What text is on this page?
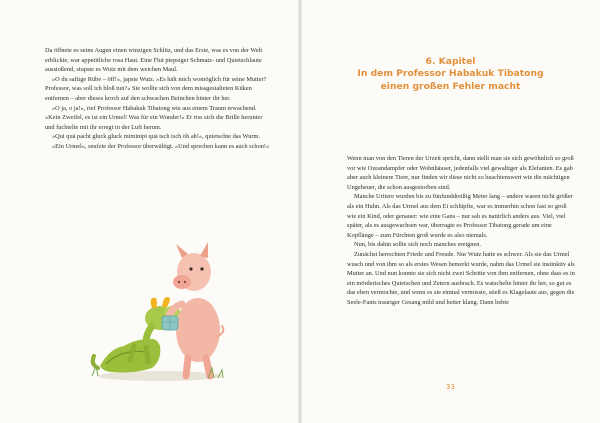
Da öffnete es seine Augen einen winzigen Schlitz, und das Erste, was es von der Welt erblickte, war appetitliche rosa Haut. Eine Flut piepsiger Schmatz- und Quietschlaute ausstoßend, stupste es Wutz mit dem weichen Maul.

»O du saftige Rübe – öff!«, japste Wutz. »Es hält mich womöglich für seine Mutter? Professor, was soll ich bloß tun?« Sie wollte sich von dem missgestalteten Küken entfernen – aber dieses kroch auf den schwachen Beinchen hinter ihr her.

»O ja, o ja!«, rief Professor Habakuk Tibatong wie aus einem Traum erwachend. »Kein Zweifel, es ist ein Urmel! Was für ein Wunder!« Er riss sich die Brille herunter und fuchtelte mit ihr erregt in der Luft herum.

»Qui quä pacht gluck gluck miminipi quä tsch tsch öh ah!«, quietschte das Wurm.

»Ein Urmel«, seufzte der Professor überwältigt. »Und sprechen kann es auch schon!«

6. Kapitel
In dem Professor Habakuk Tibatong
einen großen Fehler macht

Wenn man von den Tieren der Urzeit spricht, dann stellt man sie sich gewöhnlich so groß vor wie Ozeandampfer oder Wohnhäuser, jedenfalls viel gewaltiger als Elefanten. Es gab aber auch kleinere Tiere, nur finden wir diese nicht so beachtenswert wie die mächtigen Ungeheuer, die schon ausgestorben sind.

Manche Urtiere wurden bis zu fünfunddreißig Meter lang – andere waren nicht größer als ein Huhn. Als das Urmel aus dem Ei schlüpfte, war es immerhin schon fast so groß wie ein Kind, oder genauer: wie eine Gans – nur sah es natürlich anders aus. Viel, viel später, als es ausgewachsen war, überragte es Professor Tibatong gerade um eine Kopflänge – zum Fürchten groß wurde es also niemals.

Nun, bis dahin sollte sich noch manches ereignen.

Zunächst herrschten Friede und Freude. Nur Wutz hatte es schwer. Als sie das Urmel wusch und von ihm so als erstes Wesen bemerkt wurde, nahm das Urmel sie instinktiv als Mutter an. Und nun konnte sie sich nicht zwei Schritte von ihm entfernen, ohne dass es in ein mörderisches Quietschen und Zetern ausbrach. Es watschelte hinter ihr her, so gut es das eben vermochte, und wenn es sie einmal vermisste, stieß es Klagelaute aus, gegen die Seele-Fants trauriger Gesang mild und heiter klang. Dann bebte

33
